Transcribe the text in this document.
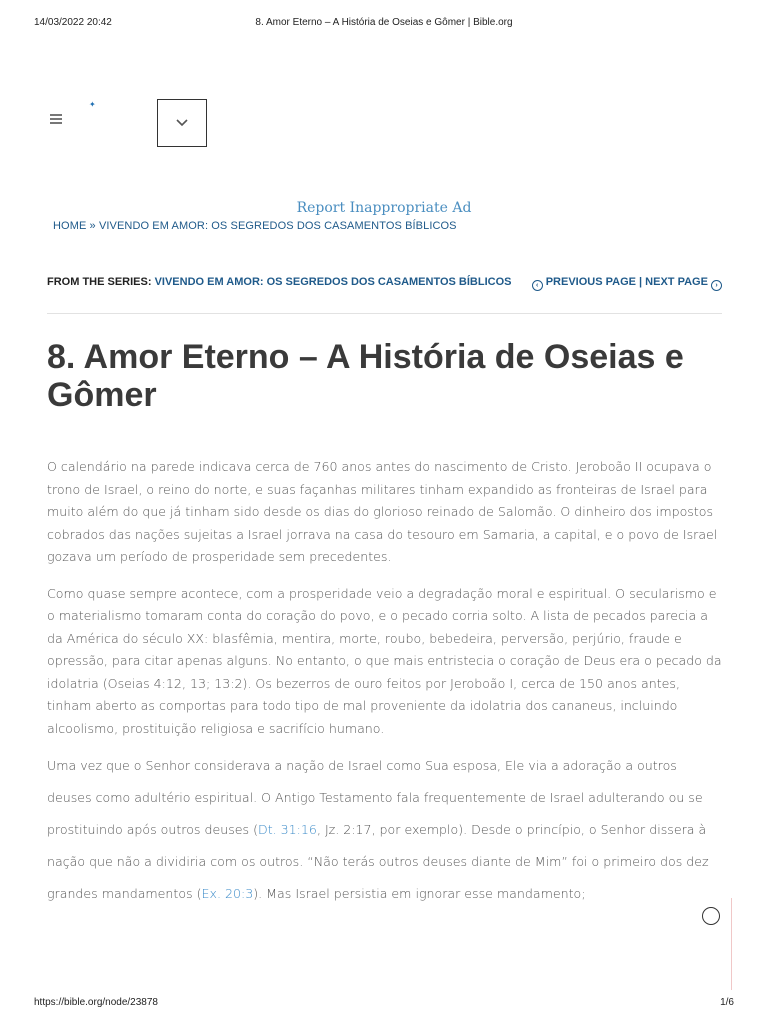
14/03/2022 20:42	8. Amor Eterno – A História de Oseias e Gômer | Bible.org
✦
Report Inappropriate Ad
HOME » VIVENDO EM AMOR: OS SEGREDOS DOS CASAMENTOS BÍBLICOS
FROM THE SERIES: VIVENDO EM AMOR: OS SEGREDOS DOS CASAMENTOS BÍBLICOS	‹ PREVIOUS PAGE | NEXT PAGE ›
8. Amor Eterno – A História de Oseias e Gômer

O calendário na parede indicava cerca de 760 anos antes do nascimento de Cristo. Jeroboão II ocupava o trono de Israel, o reino do norte, e suas façanhas militares tinham expandido as fronteiras de Israel para muito além do que já tinham sido desde os dias do glorioso reinado de Salomão. O dinheiro dos impostos cobrados das nações sujeitas a Israel jorrava na casa do tesouro em Samaria, a capital, e o povo de Israel gozava um período de prosperidade sem precedentes.

Como quase sempre acontece, com a prosperidade veio a degradação moral e espiritual. O secularismo e o materialismo tomaram conta do coração do povo, e o pecado corria solto. A lista de pecados parecia a da América do século XX: blasfêmia, mentira, morte, roubo, bebedeira, perversão, perjúrio, fraude e opressão, para citar apenas alguns. No entanto, o que mais entristecia o coração de Deus era o pecado da idolatria (Oseias 4:12, 13; 13:2). Os bezerros de ouro feitos por Jeroboão I, cerca de 150 anos antes, tinham aberto as comportas para todo tipo de mal proveniente da idolatria dos cananeus, incluindo alcoolismo, prostituição religiosa e sacrifício humano.

Uma vez que o Senhor considerava a nação de Israel como Sua esposa, Ele via a adoração a outros deuses como adultério espiritual. O Antigo Testamento fala frequentemente de Israel adulterando ou se prostituindo após outros deuses (Dt. 31:16, Jz. 2:17, por exemplo). Desde o princípio, o Senhor dissera à nação que não a dividiria com os outros. “Não terás outros deuses diante de Mim” foi o primeiro dos dez grandes mandamentos (Ex. 20:3). Mas Israel persistia em ignorar esse mandamento;

https://bible.org/node/23878	1/6
